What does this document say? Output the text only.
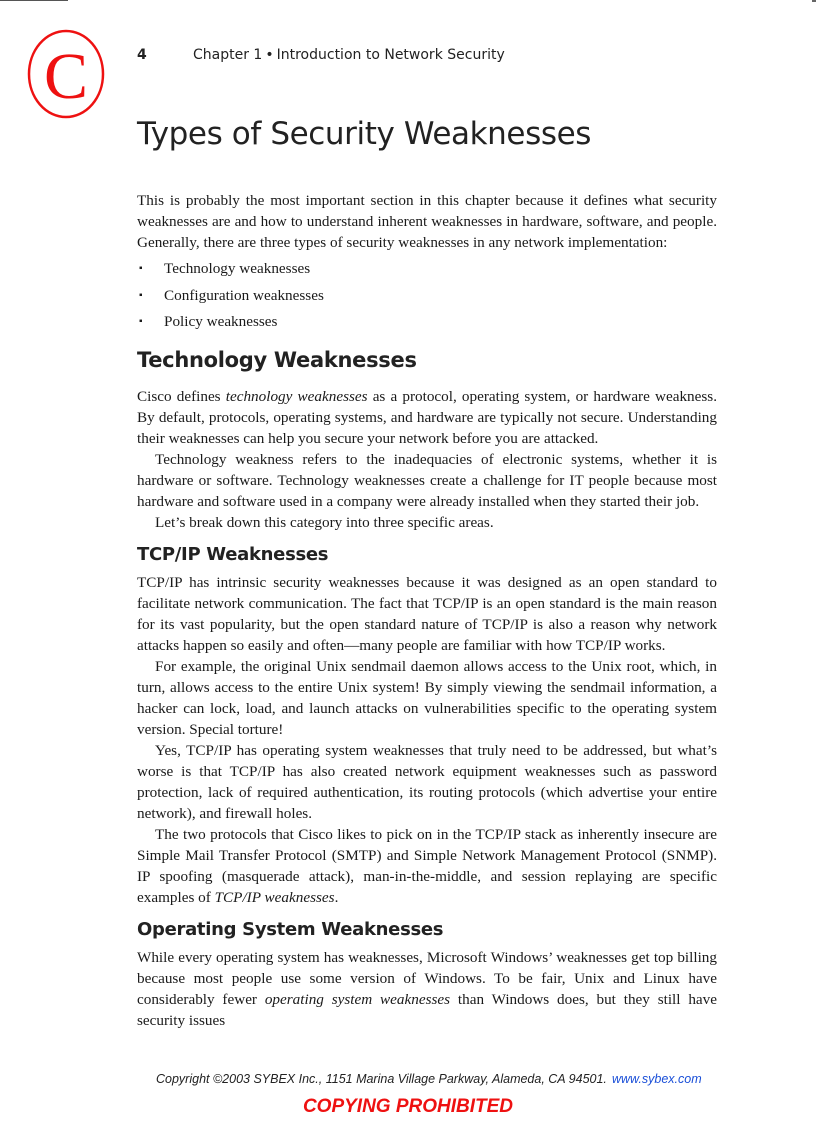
C	4	Chapter 1 • Introduction to Network Security
Types of Security Weaknesses

This is probably the most important section in this chapter because it defines what security weaknesses are and how to understand inherent weaknesses in hardware, software, and people. Generally, there are three types of security weaknesses in any network implementation:

▪ Technology weaknesses
▪ Configuration weaknesses
▪ Policy weaknesses
Technology Weaknesses

Cisco defines technology weaknesses as a protocol, operating system, or hardware weakness. By default, protocols, operating systems, and hardware are typically not secure. Understanding their weaknesses can help you secure your network before you are attacked.

Technology weakness refers to the inadequacies of electronic systems, whether it is hardware or software. Technology weaknesses create a challenge for IT people because most hardware and software used in a company were already installed when they started their job.

Let’s break down this category into three specific areas.

TCP/IP Weaknesses

TCP/IP has intrinsic security weaknesses because it was designed as an open standard to facilitate network communication. The fact that TCP/IP is an open standard is the main reason for its vast popularity, but the open standard nature of TCP/IP is also a reason why network attacks happen so easily and often—many people are familiar with how TCP/IP works.

For example, the original Unix sendmail daemon allows access to the Unix root, which, in turn, allows access to the entire Unix system! By simply viewing the sendmail information, a hacker can lock, load, and launch attacks on vulnerabilities specific to the operating system version. Special torture!

Yes, TCP/IP has operating system weaknesses that truly need to be addressed, but what’s worse is that TCP/IP has also created network equipment weaknesses such as password protection, lack of required authentication, its routing protocols (which advertise your entire network), and firewall holes.

The two protocols that Cisco likes to pick on in the TCP/IP stack as inherently insecure are Simple Mail Transfer Protocol (SMTP) and Simple Network Management Protocol (SNMP). IP spoofing (masquerade attack), man-in-the-middle, and session replaying are specific examples of TCP/IP weaknesses.

Operating System Weaknesses

While every operating system has weaknesses, Microsoft Windows’ weaknesses get top billing because most people use some version of Windows. To be fair, Unix and Linux have considerably fewer operating system weaknesses than Windows does, but they still have security issues

Copyright ©2003 SYBEX Inc., 1151 Marina Village Parkway, Alameda, CA 94501. www.sybex.com
COPYING PROHIBITED
